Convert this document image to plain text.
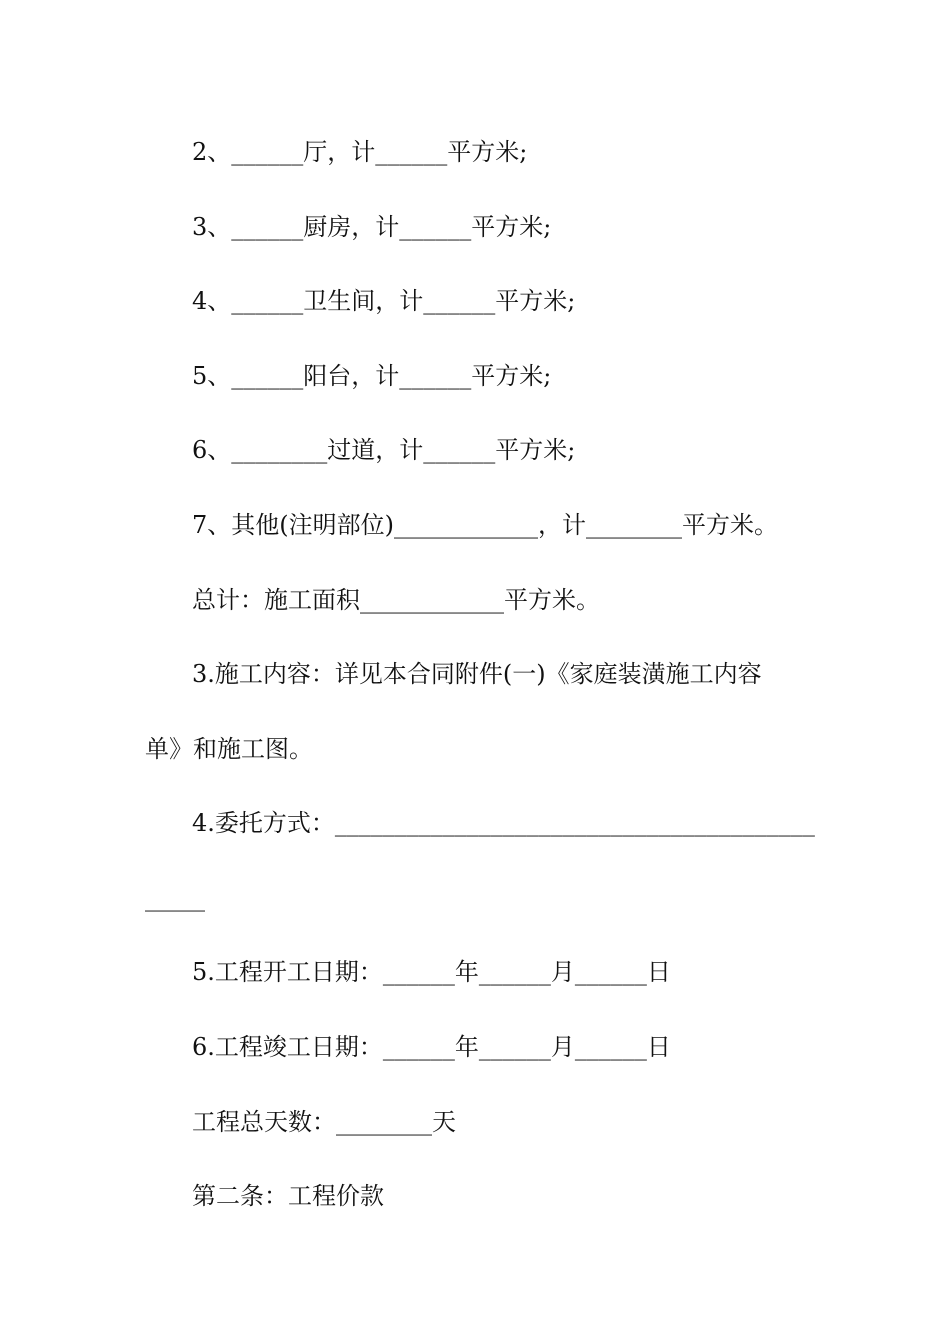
2、______厅，计______平方米;
3、______厨房，计______平方米;
4、______卫生间，计______平方米;
5、______阳台，计______平方米;
6、________过道，计______平方米;
7、其他(注明部位)____________，计________平方米。
总计：施工面积____________平方米。
3.施工内容：详见本合同附件(一)《家庭装潢施工内容
单》和施工图。
4.委托方式：________________________________________
_____
5.工程开工日期：______年______月______日
6.工程竣工日期：______年______月______日
工程总天数：________天
第二条：工程价款
